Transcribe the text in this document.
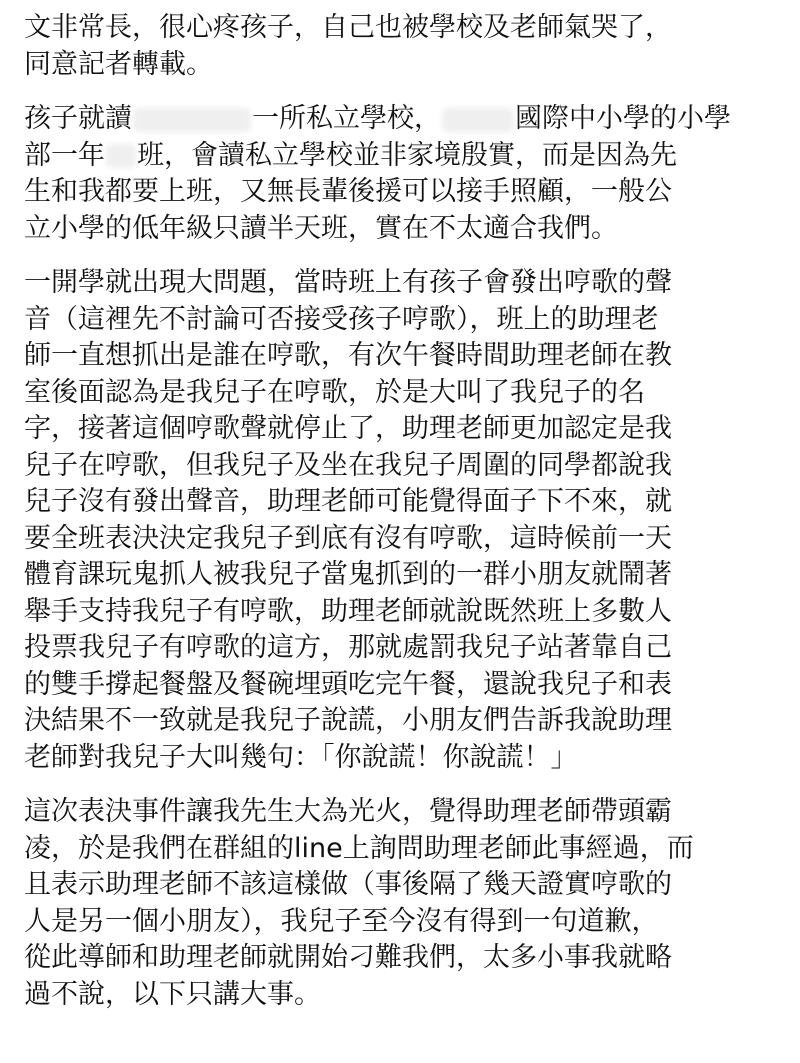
文非常長，很心疼孩子，自己也被學校及老師氣哭了，
同意記者轉載。
孩子就讀	一所私立學校，	國際中小學的小學
部一年 班，會讀私立學校並非家境殷實，而是因為先
生和我都要上班，又無長輩後援可以接手照顧，一般公
立小學的低年級只讀半天班，實在不太適合我們。
一開學就出現大問題，當時班上有孩子會發出哼歌的聲
音（這裡先不討論可否接受孩子哼歌），班上的助理老
師一直想抓出是誰在哼歌，有次午餐時間助理老師在教
室後面認為是我兒子在哼歌，於是大叫了我兒子的名
字，接著這個哼歌聲就停止了，助理老師更加認定是我
兒子在哼歌，但我兒子及坐在我兒子周圍的同學都說我
兒子沒有發出聲音，助理老師可能覺得面子下不來，就
要全班表決決定我兒子到底有沒有哼歌，這時候前一天
體育課玩鬼抓人被我兒子當鬼抓到的一群小朋友就鬧著
舉手支持我兒子有哼歌，助理老師就說既然班上多數人
投票我兒子有哼歌的這方，那就處罰我兒子站著靠自己
的雙手撐起餐盤及餐碗埋頭吃完午餐，還說我兒子和表
決結果不一致就是我兒子說謊，小朋友們告訴我說助理
老師對我兒子大叫幾句：「你說謊！你說謊！」
這次表決事件讓我先生大為光火，覺得助理老師帶頭霸
凌，於是我們在群組的line上詢問助理老師此事經過，而
且表示助理老師不該這樣做（事後隔了幾天證實哼歌的
人是另一個小朋友），我兒子至今沒有得到一句道歉，
從此導師和助理老師就開始刁難我們，太多小事我就略
過不說，以下只講大事。
